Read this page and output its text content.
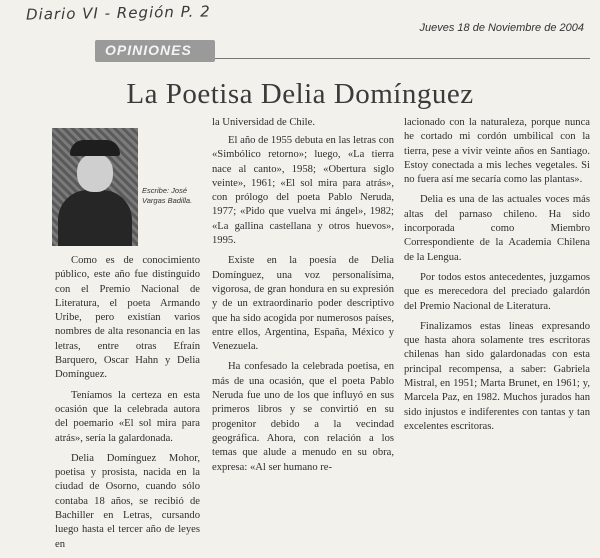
Diario VI - Región P. 2
Jueves 18 de Noviembre de 2004
OPINIONES
La Poetisa Delia Domínguez
Escribe: José Vargas Badilla.

la Universidad de Chile.

Como es de conocimiento público, este año fue distinguido con el Premio Nacional de Literatura, el poeta Armando Uribe, pero existían varios nombres de alta resonancia en las letras, entre otras Efraín Barquero, Oscar Hahn y Delia Domínguez.

Teníamos la certeza en esta ocasión que la celebrada autora del poemario «El sol mira para atrás», sería la galardonada.

Delia Domínguez Mohor, poetisa y prosista, nacida en la ciudad de Osorno, cuando sólo contaba 18 años, se recibió de Bachiller en Letras, cursando luego hasta el tercer año de leyes en

El año de 1955 debuta en las letras con «Simbólico retorno»; luego, «La tierra nace al canto», 1958; «Obertura siglo veinte», 1961; «El sol mira para atrás», con prólogo del poeta Pablo Neruda, 1977; «Pido que vuelva mi ángel», 1982; «La gallina castellana y otros huevos», 1995.

Existe en la poesía de Delia Domínguez, una voz personalísima, vigorosa, de gran hondura en su expresión y de un extraordinario poder descriptivo que ha sido acogida por numerosos países, entre ellos, Argentina, España, México y Venezuela.

Ha confesado la celebrada poetisa, en más de una ocasión, que el poeta Pablo Neruda fue uno de los que influyó en sus primeros libros y se convirtió en su progenitor debido a la vecindad geográfica. Ahora, con relación a los temas que alude a menudo en su obra, expresa: «Al ser humano re-

lacionado con la naturaleza, porque nunca he cortado mi cordón umbilical con la tierra, pese a vivir veinte años en Santiago. Estoy conectada a mis leches vegetales. Si no fuera así me secaría como las plantas».

Delia es una de las actuales voces más altas del parnaso chileno. Ha sido incorporada como Miembro Correspondiente de la Academia Chilena de la Lengua.

Por todos estos antecedentes, juzgamos que es merecedora del preciado galardón del Premio Nacional de Literatura.

Finalizamos estas líneas expresando que hasta ahora solamente tres escritoras chilenas han sido galardonadas con esta principal recompensa, a saber: Gabriela Mistral, en 1951; Marta Brunet, en 1961; y, Marcela Paz, en 1982. Muchos jurados han sido injustos e indiferentes con tantas y tan excelentes escritoras.
